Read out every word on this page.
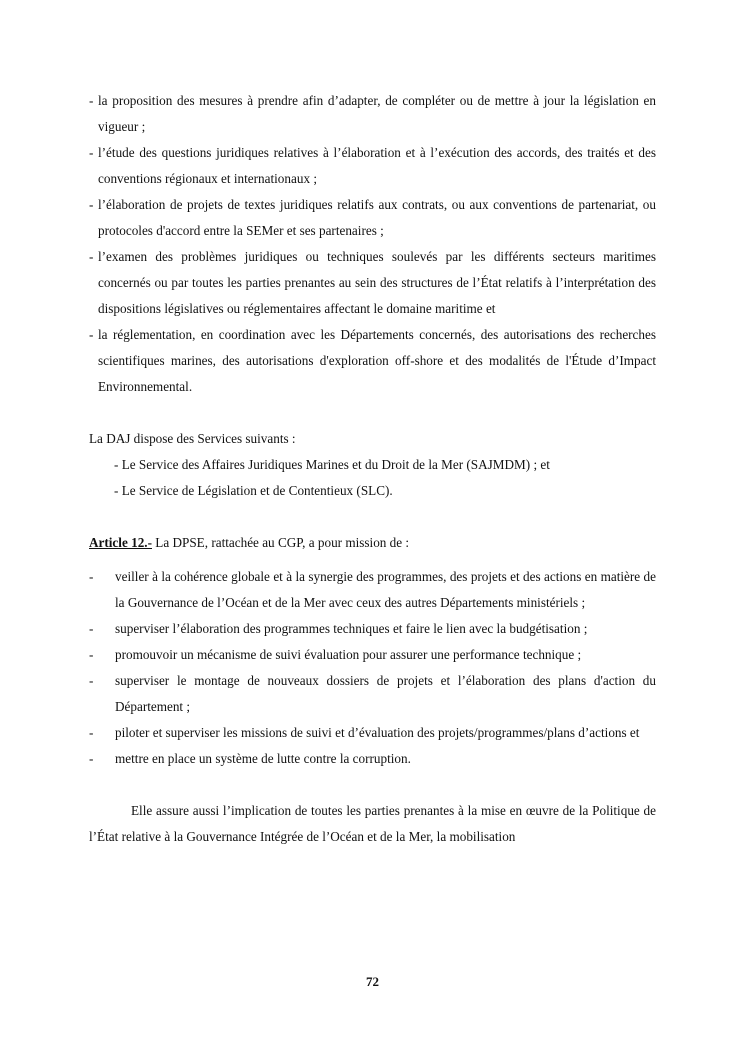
- la proposition des mesures à prendre afin d’adapter, de compléter ou de mettre à jour la législation en vigueur ;

- l’étude des questions juridiques relatives à l’élaboration et à l’exécution des accords, des traités et des conventions régionaux et internationaux ;

- l’élaboration de projets de textes juridiques relatifs aux contrats, ou aux conventions de partenariat, ou protocoles d'accord entre la SEMer et ses partenaires ;

- l’examen des problèmes juridiques ou techniques soulevés par les différents secteurs maritimes concernés ou par toutes les parties prenantes au sein des structures de l’État relatifs à l’interprétation des dispositions législatives ou réglementaires affectant le domaine maritime et

- la réglementation, en coordination avec les Départements concernés, des autorisations des recherches scientifiques marines, des autorisations d'exploration off-shore et des modalités de l'Étude d’Impact Environnemental.

La DAJ dispose des Services suivants :

- Le Service des Affaires Juridiques Marines et du Droit de la Mer (SAJMDM) ; et

- Le Service de Législation et de Contentieux (SLC).

Article 12.- La DPSE, rattachée au CGP, a pour mission de :

- veiller à la cohérence globale et à la synergie des programmes, des projets et des actions en matière de la Gouvernance de l’Océan et de la Mer avec ceux des autres Départements ministériels ;

- superviser l’élaboration des programmes techniques et faire le lien avec la budgétisation ;

- promouvoir un mécanisme de suivi évaluation pour assurer une performance technique ;

- superviser le montage de nouveaux dossiers de projets et l’élaboration des plans d'action du Département ;

- piloter et superviser les missions de suivi et d’évaluation des projets/programmes/plans d’actions et

- mettre en place un système de lutte contre la corruption.

Elle assure aussi l’implication de toutes les parties prenantes à la mise en œuvre de la Politique de l’État relative à la Gouvernance Intégrée de l’Océan et de la Mer, la mobilisation

72
